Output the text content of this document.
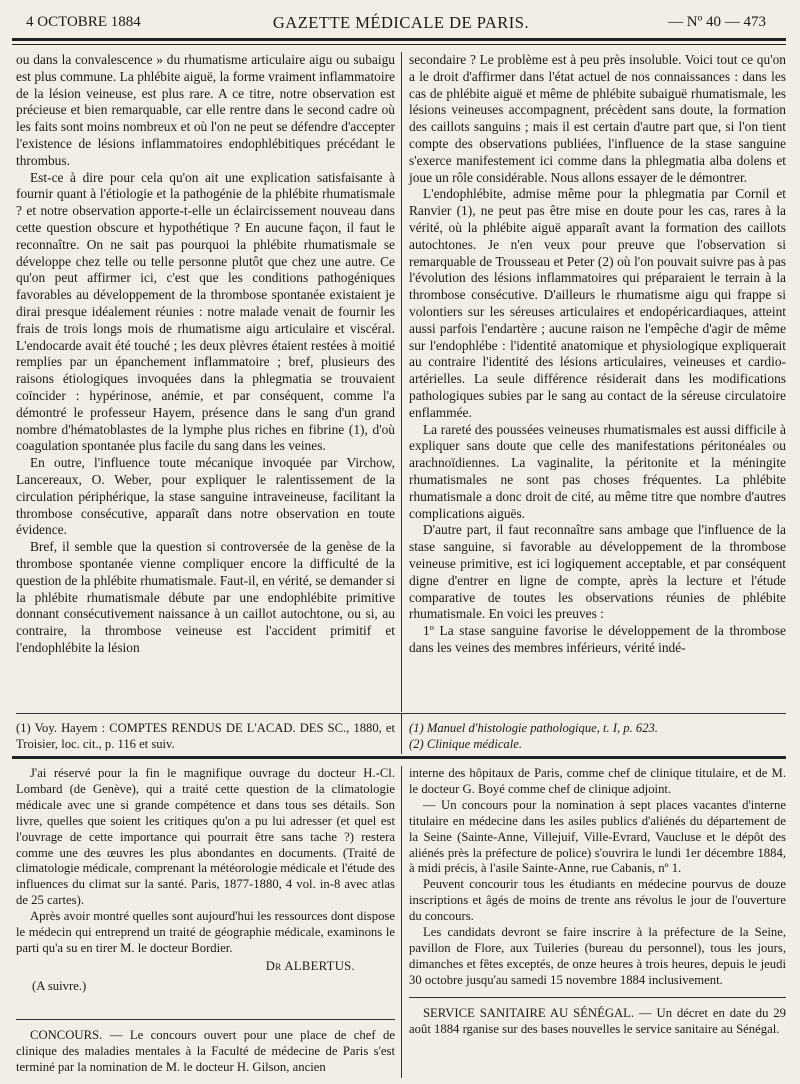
4 OCTOBRE 1884	GAZETTE MÉDICALE DE PARIS.	— Nº 40 — 473

ou dans la convalescence » du rhumatisme articulaire aigu ou subaigu est plus commune. La phlébite aiguë, la forme vraiment inflammatoire de la lésion veineuse, est plus rare. A ce titre, notre observation est précieuse et bien remarquable, car elle rentre dans le second cadre où les faits sont moins nombreux et où l'on ne peut se défendre d'accepter l'existence de lésions inflammatoires endophlébitiques précédant le thrombus.

Est-ce à dire pour cela qu'on ait une explication satisfaisante à fournir quant à l'étiologie et la pathogénie de la phlébite rhumatismale ? et notre observation apporte-t-elle un éclaircissement nouveau dans cette question obscure et hypothétique ? En aucune façon, il faut le reconnaître. On ne sait pas pourquoi la phlébite rhumatismale se développe chez telle ou telle personne plutôt que chez une autre. Ce qu'on peut affirmer ici, c'est que les conditions pathogéniques favorables au développement de la thrombose spontanée existaient je dirai presque idéalement réunies : notre malade venait de fournir les frais de trois longs mois de rhumatisme aigu articulaire et viscéral. L'endocarde avait été touché ; les deux plèvres étaient restées à moitié remplies par un épanchement inflammatoire ; bref, plusieurs des raisons étiologiques invoquées dans la phlegmatia se trouvaient coïncider : hypérinose, anémie, et par conséquent, comme l'a démontré le professeur Hayem, présence dans le sang d'un grand nombre d'hématoblastes de la lymphe plus riches en fibrine (1), d'où coagulation spontanée plus facile du sang dans les veines.

En outre, l'influence toute mécanique invoquée par Virchow, Lancereaux, O. Weber, pour expliquer le ralentissement de la circulation périphérique, la stase sanguine intraveineuse, facilitant la thrombose consécutive, apparaît dans notre observation en toute évidence.

Bref, il semble que la question si controversée de la genèse de la thrombose spontanée vienne compliquer encore la difficulté de la question de la phlébite rhumatismale. Faut-il, en vérité, se demander si la phlébite rhumatismale débute par une endophlébite primitive donnant consécutivement naissance à un caillot autochtone, ou si, au contraire, la thrombose veineuse est l'accident primitif et l'endophlébite la lésion

secondaire ? Le problème est à peu près insoluble. Voici tout ce qu'on a le droit d'affirmer dans l'état actuel de nos connaissances : dans les cas de phlébite aiguë et même de phlébite subaiguë rhumatismale, les lésions veineuses accompagnent, précèdent sans doute, la formation des caillots sanguins ; mais il est certain d'autre part que, si l'on tient compte des observations publiées, l'influence de la stase sanguine s'exerce manifestement ici comme dans la phlegmatia alba dolens et joue un rôle considérable. Nous allons essayer de le démontrer.

L'endophlébite, admise même pour la phlegmatia par Cornil et Ranvier (1), ne peut pas être mise en doute pour les cas, rares à la vérité, où la phlébite aiguë apparaît avant la formation des caillots autochtones. Je n'en veux pour preuve que l'observation si remarquable de Trousseau et Peter (2) où l'on pouvait suivre pas à pas l'évolution des lésions inflammatoires qui préparaient le terrain à la thrombose consécutive. D'ailleurs le rhumatisme aigu qui frappe si volontiers sur les séreuses articulaires et endopéricardiaques, atteint aussi parfois l'endartère ; aucune raison ne l'empêche d'agir de même sur l'endophlébe : l'identité anatomique et physiologique expliquerait au contraire l'identité des lésions articulaires, veineuses et cardio-artérielles. La seule différence résiderait dans les modifications pathologiques subies par le sang au contact de la séreuse circulatoire enflammée.

La rareté des poussées veineuses rhumatismales est aussi difficile à expliquer sans doute que celle des manifestations péritonéales ou arachnoïdiennes. La vaginalite, la péritonite et la méningite rhumatismales ne sont pas choses fréquentes. La phlébite rhumatismale a donc droit de cité, au même titre que nombre d'autres complications aiguës.

D'autre part, il faut reconnaître sans ambage que l'influence de la stase sanguine, si favorable au développement de la thrombose veineuse primitive, est ici logiquement acceptable, et par conséquent digne d'entrer en ligne de compte, après la lecture et l'étude comparative de toutes les observations réunies de phlébite rhumatismale. En voici les preuves :

1º La stase sanguine favorise le développement de la thrombose dans les veines des membres inférieurs, vérité indé-

(1) Voy. Hayem : COMPTES RENDUS DE L'ACAD. DES SC., 1880, et Troisier, loc. cit., p. 116 et suiv.

(1) Manuel d'histologie pathologique, t. I, p. 623.

(2) Clinique médicale.

J'ai réservé pour la fin le magnifique ouvrage du docteur H.-Cl. Lombard (de Genève), qui a traité cette question de la climatologie médicale avec une si grande compétence et dans tous ses détails. Son livre, quelles que soient les critiques qu'on a pu lui adresser (et quel est l'ouvrage de cette importance qui pourrait être sans tache ?) restera comme une des œuvres les plus abondantes en documents. (Traité de climatologie médicale, comprenant la météorologie médicale et l'étude des influences du climat sur la santé. Paris, 1877-1880, 4 vol. in-8 avec atlas de 25 cartes).

Après avoir montré quelles sont aujourd'hui les ressources dont dispose le médecin qui entreprend un traité de géographie médicale, examinons le parti qu'a su en tirer M. le docteur Bordier.

Dr ALBERTUS.
(A suivre.)

CONCOURS. — Le concours ouvert pour une place de chef de clinique des maladies mentales à la Faculté de médecine de Paris s'est terminé par la nomination de M. le docteur H. Gilson, ancien

interne des hôpitaux de Paris, comme chef de clinique titulaire, et de M. le docteur G. Boyé comme chef de clinique adjoint.

— Un concours pour la nomination à sept places vacantes d'interne titulaire en médecine dans les asiles publics d'aliénés du département de la Seine (Sainte-Anne, Villejuif, Ville-Evrard, Vaucluse et le dépôt des aliénés près la préfecture de police) s'ouvrira le lundi 1er décembre 1884, à midi précis, à l'asile Sainte-Anne, rue Cabanis, nº 1.

Peuvent concourir tous les étudiants en médecine pourvus de douze inscriptions et âgés de moins de trente ans révolus le jour de l'ouverture du concours.

Les candidats devront se faire inscrire à la préfecture de la Seine, pavillon de Flore, aux Tuileries (bureau du personnel), tous les jours, dimanches et fêtes exceptés, de onze heures à trois heures, depuis le jeudi 30 octobre jusqu'au samedi 15 novembre 1884 inclusivement.

SERVICE SANITAIRE AU SÉNÉGAL. — Un décret en date du 29 août 1884 rganise sur des bases nouvelles le service sanitaire au Sénégal.
